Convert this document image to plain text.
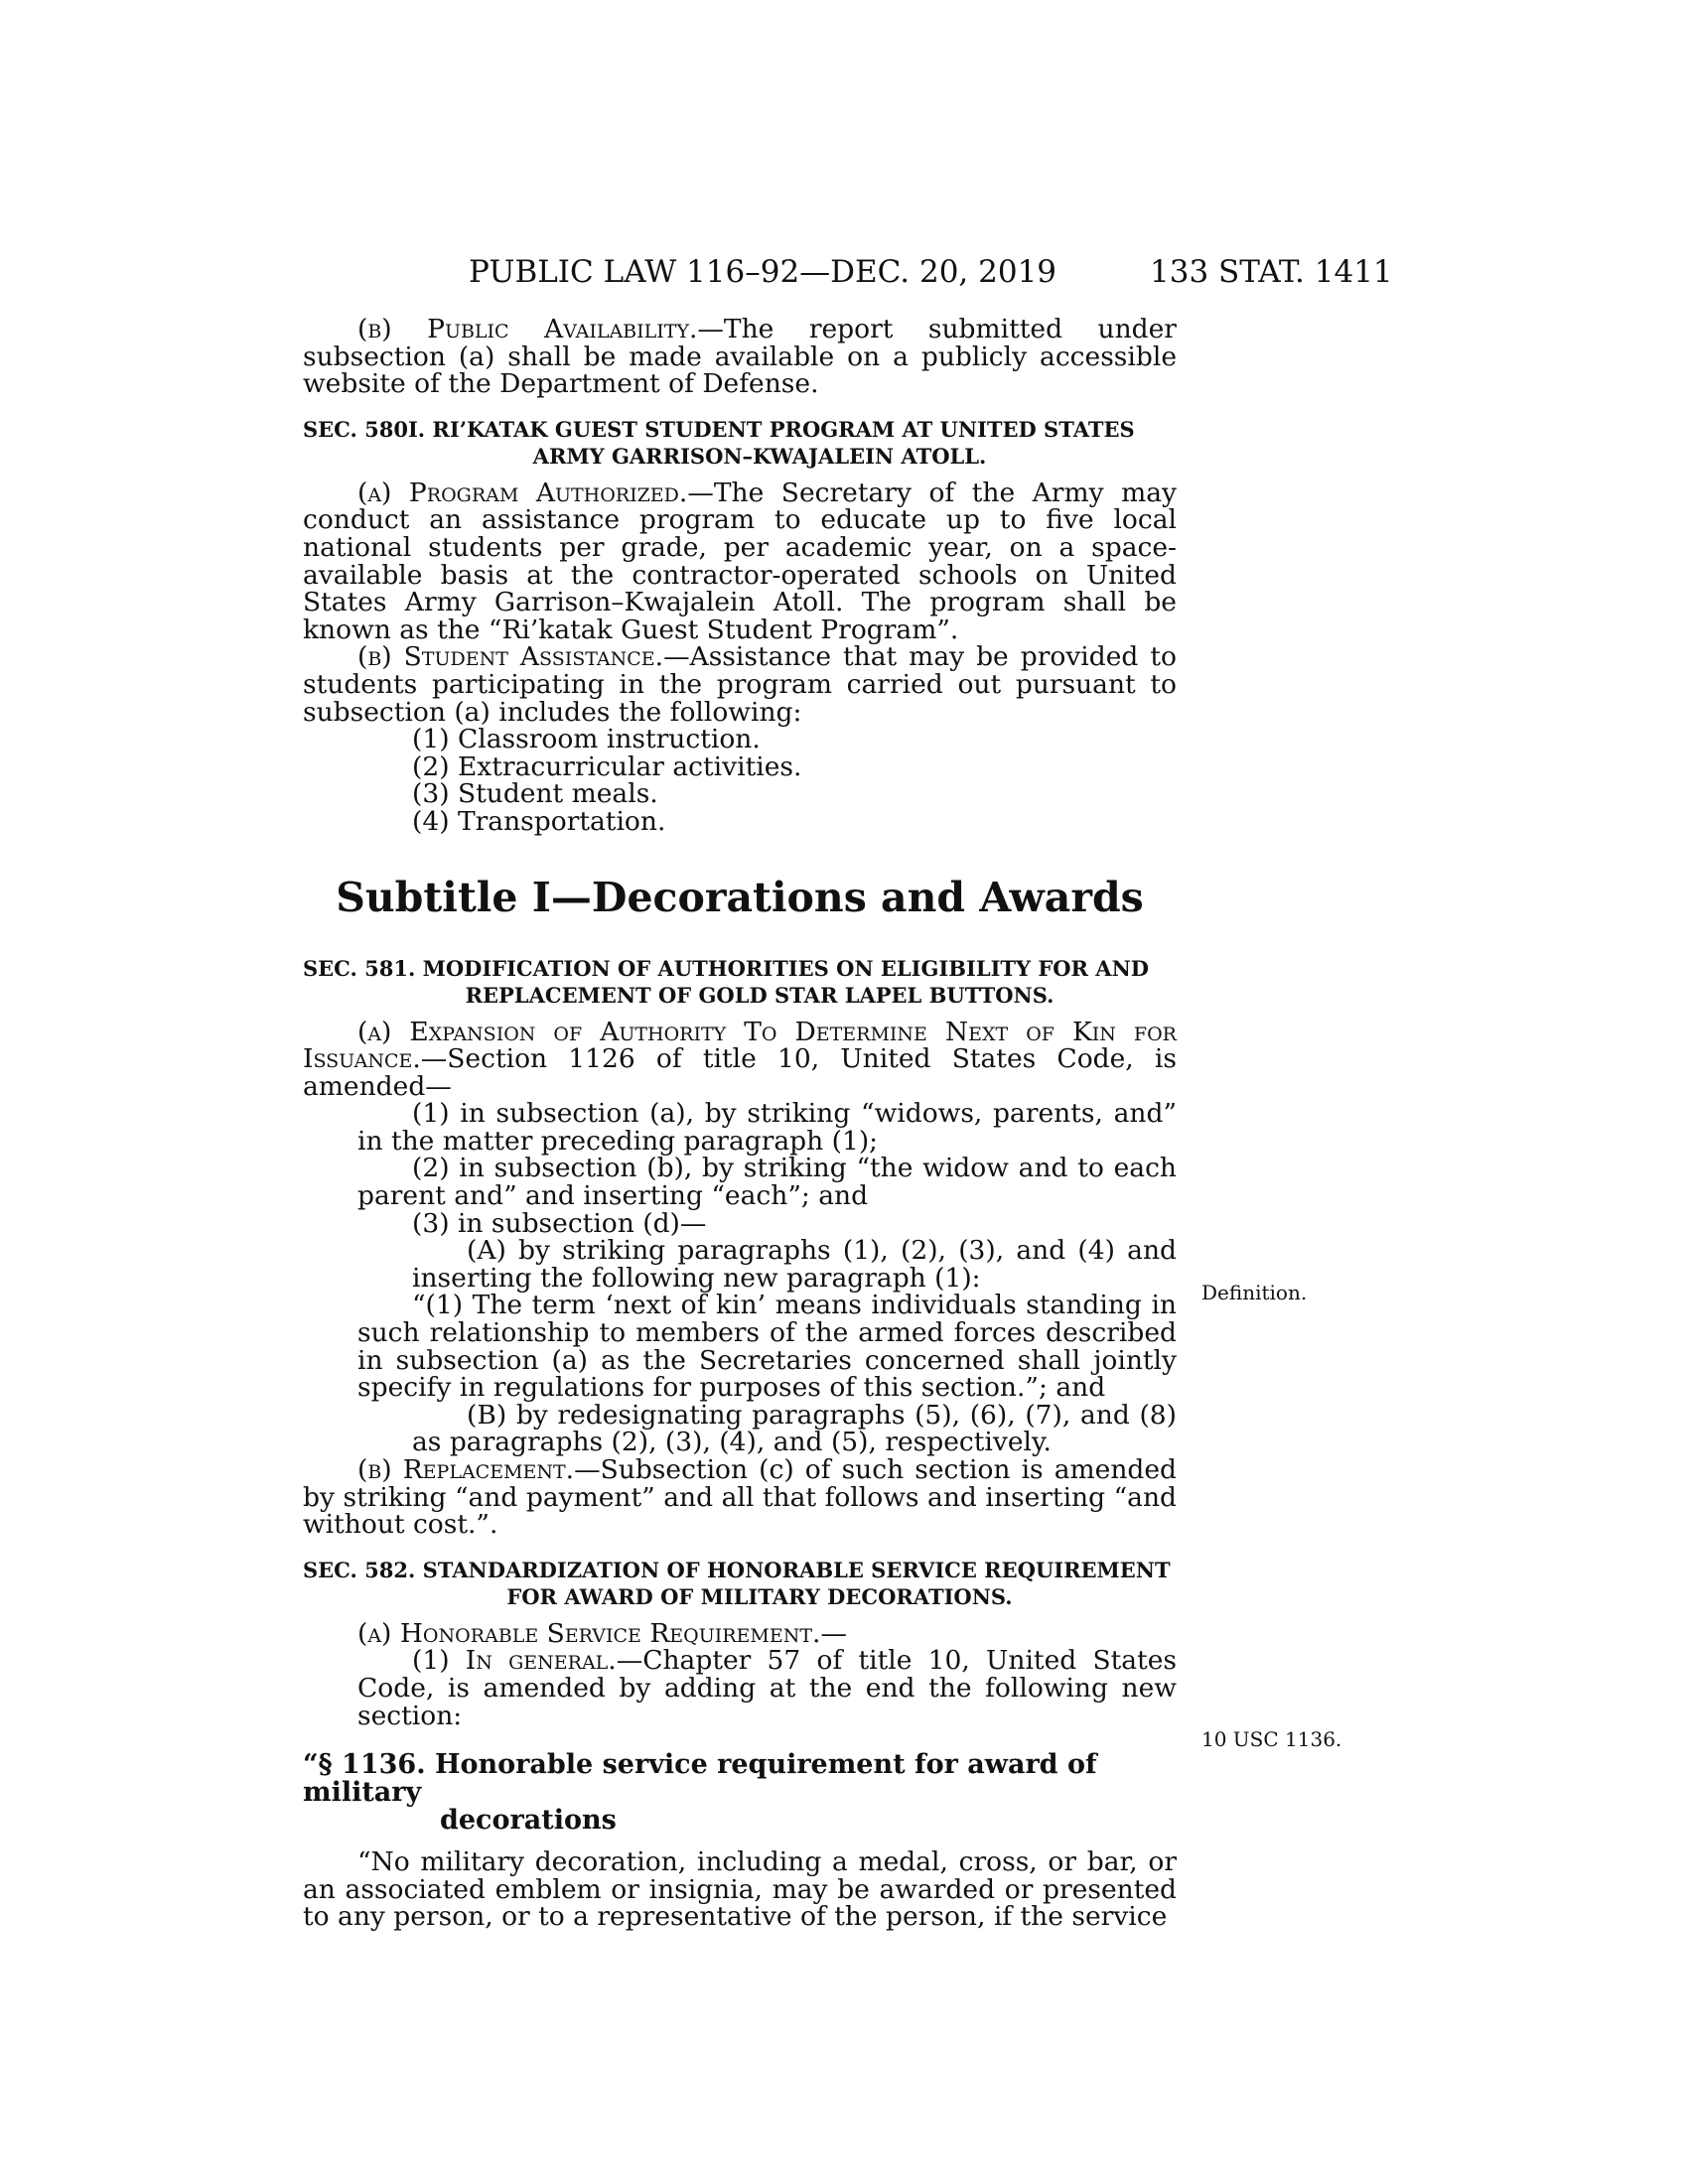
PUBLIC LAW 116–92—DEC. 20, 2019	133 STAT. 1411
Definition.
10 USC 1136.

(b) Public Availability.—The report submitted under subsection (a) shall be made available on a publicly accessible website of the Department of Defense.

SEC. 580I. RI’KATAK GUEST STUDENT PROGRAM AT UNITED STATES
ARMY GARRISON–KWAJALEIN ATOLL.

(a) Program Authorized.—The Secretary of the Army may conduct an assistance program to educate up to five local national students per grade, per academic year, on a space-available basis at the contractor-operated schools on United States Army Garrison–Kwajalein Atoll. The program shall be known as the “Ri’katak Guest Student Program”.

(b) Student Assistance.—Assistance that may be provided to students participating in the program carried out pursuant to subsection (a) includes the following:

(1) Classroom instruction.
(2) Extracurricular activities.
(3) Student meals.
(4) Transportation.
Subtitle I—Decorations and Awards
SEC. 581. MODIFICATION OF AUTHORITIES ON ELIGIBILITY FOR AND
REPLACEMENT OF GOLD STAR LAPEL BUTTONS.

(a) Expansion of Authority To Determine Next of Kin for Issuance.—Section 1126 of title 10, United States Code, is amended—

(1) in subsection (a), by striking “widows, parents, and” in the matter preceding paragraph (1);

(2) in subsection (b), by striking “the widow and to each parent and” and inserting “each”; and

(3) in subsection (d)—

(A) by striking paragraphs (1), (2), (3), and (4) and inserting the following new paragraph (1):

“(1) The term ‘next of kin’ means individuals standing in such relationship to members of the armed forces described in subsection (a) as the Secretaries concerned shall jointly specify in regulations for purposes of this section.”; and

(B) by redesignating paragraphs (5), (6), (7), and (8) as paragraphs (2), (3), (4), and (5), respectively.

(b) Replacement.—Subsection (c) of such section is amended by striking “and payment” and all that follows and inserting “and without cost.”.

SEC. 582. STANDARDIZATION OF HONORABLE SERVICE REQUIREMENT
FOR AWARD OF MILITARY DECORATIONS.

(a) Honorable Service Requirement.—

(1) In general.—Chapter 57 of title 10, United States Code, is amended by adding at the end the following new section:

“§ 1136. Honorable service requirement for award of military
decorations

“No military decoration, including a medal, cross, or bar, or an associated emblem or insignia, may be awarded or presented to any person, or to a representative of the person, if the service
